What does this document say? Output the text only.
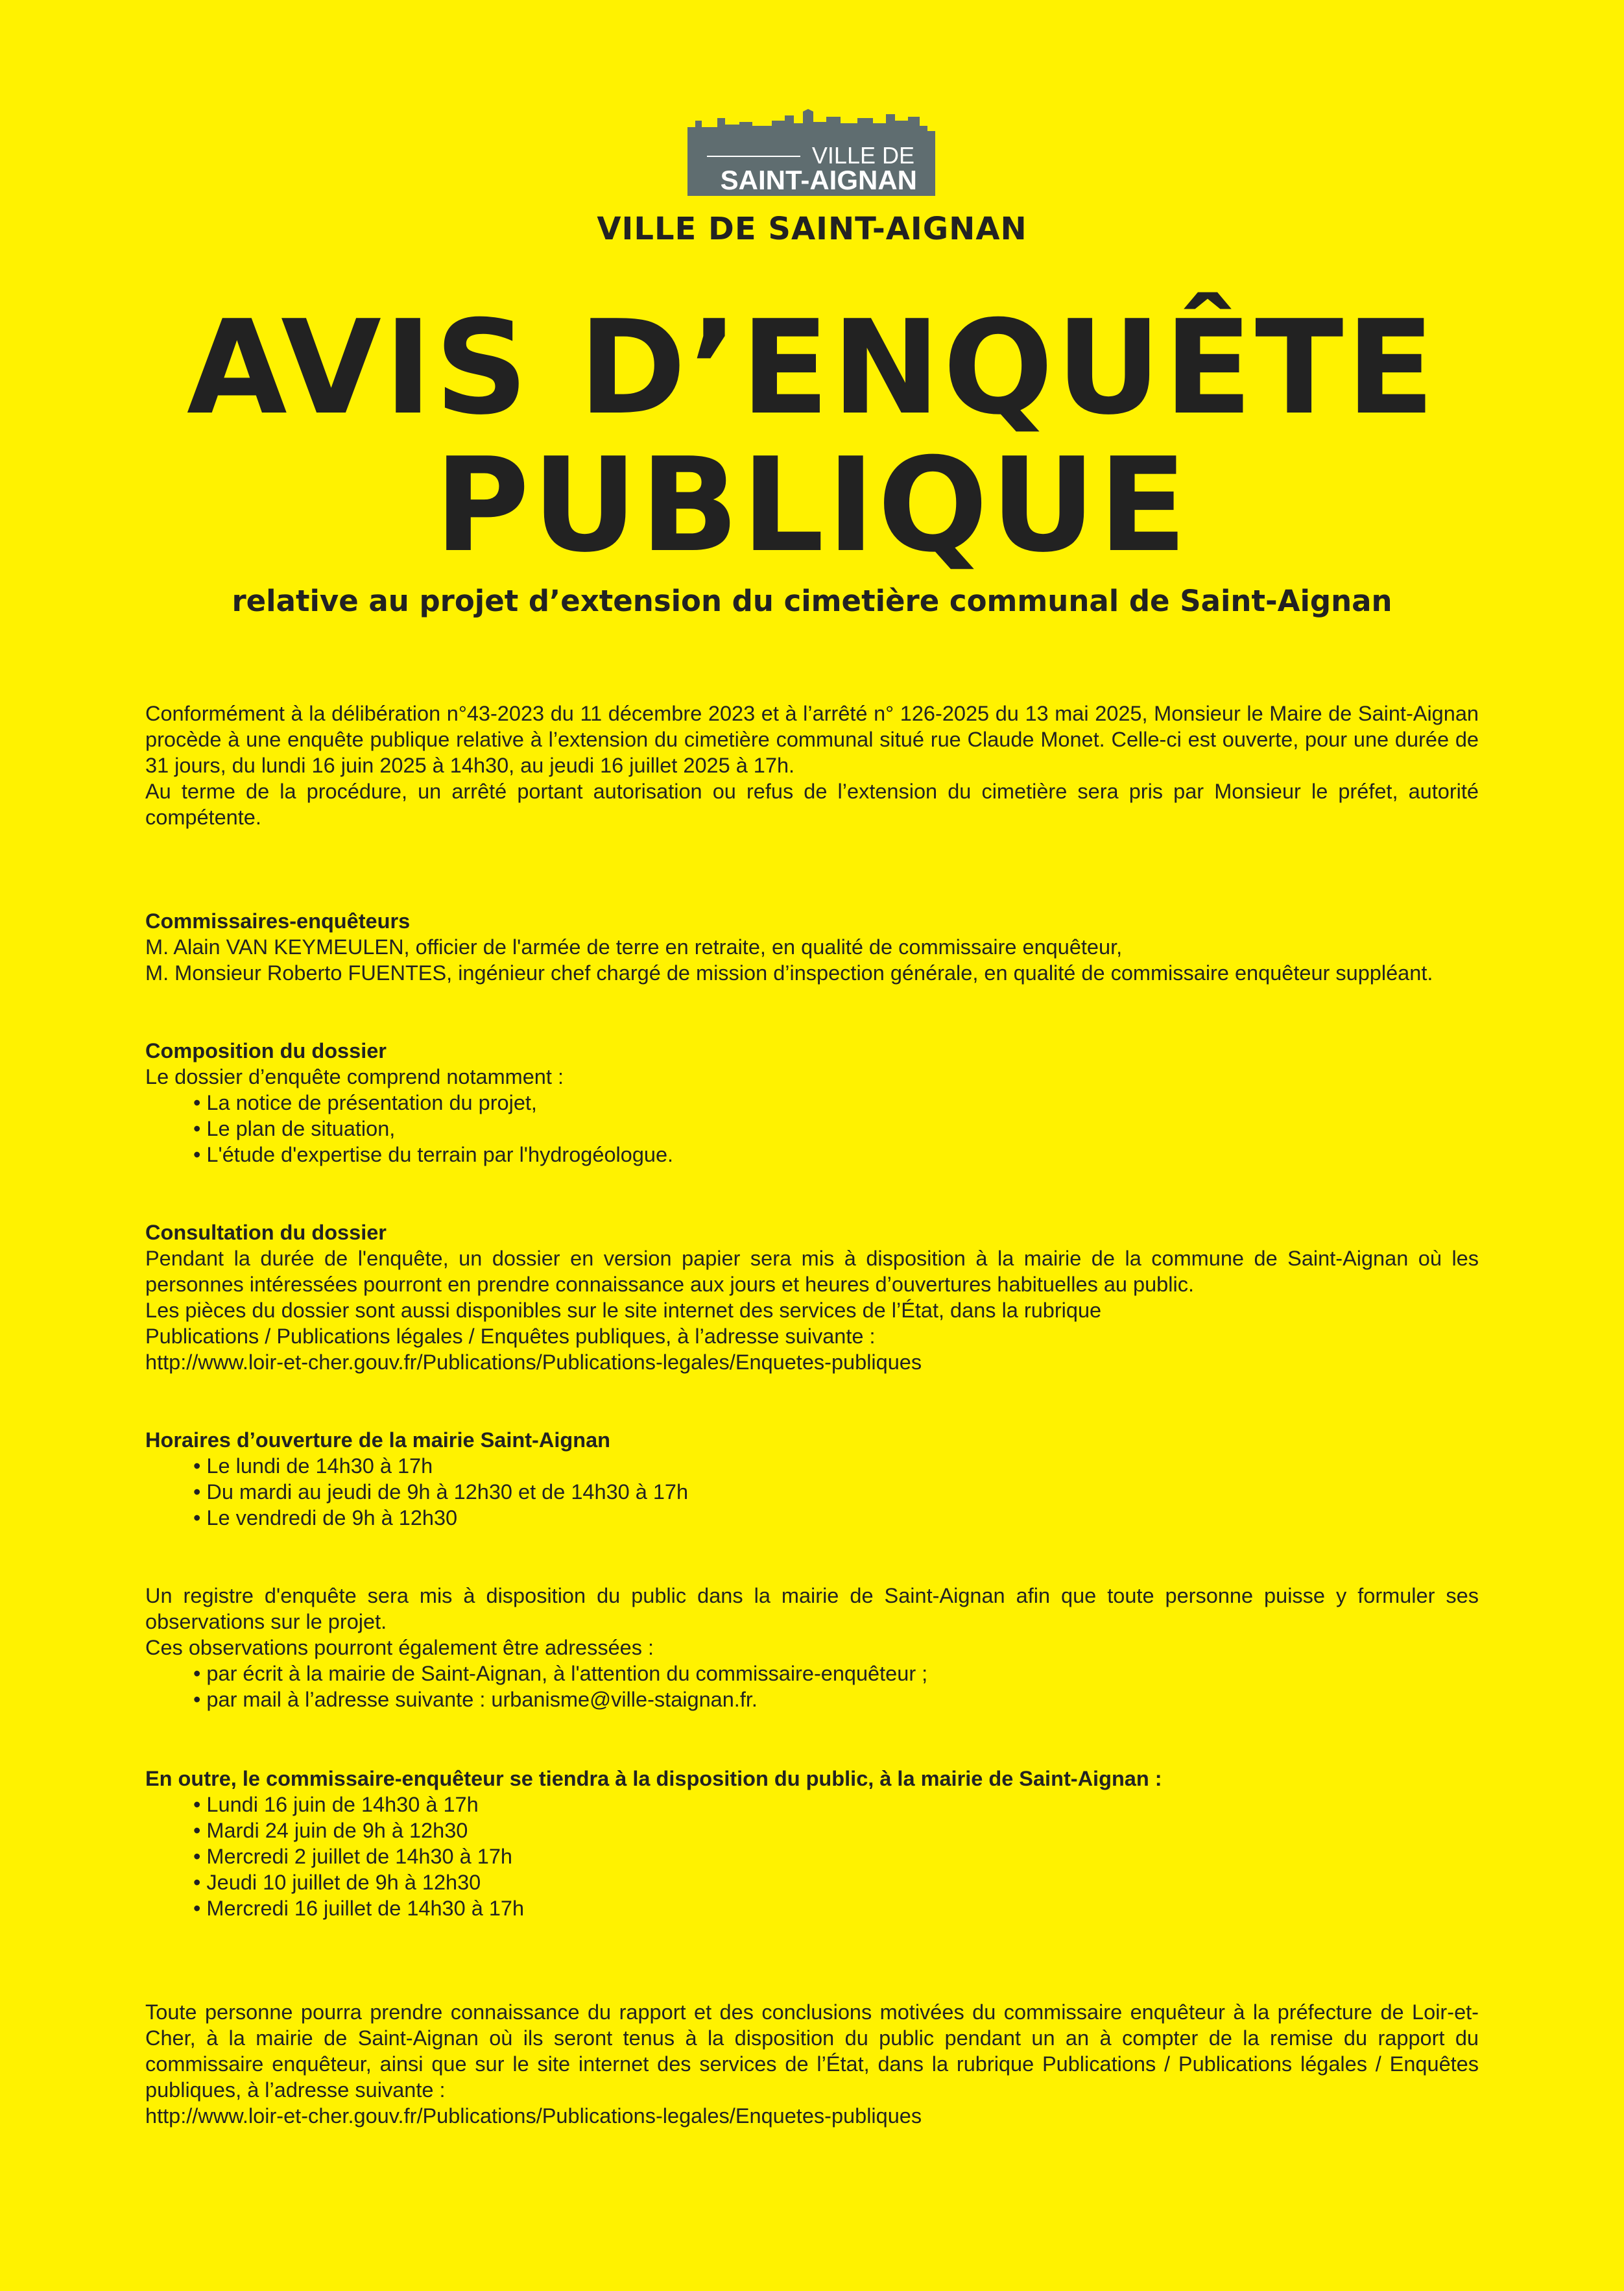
VILLE DE
SAINT-AIGNAN
VILLE DE SAINT-AIGNAN
AVIS D’ENQUÊTE
PUBLIQUE
relative au projet d’extension du cimetière communal de Saint-Aignan

Conformément à la délibération n°43-2023 du 11 décembre 2023 et à l’arrêté n° 126-2025 du 13 mai 2025, Monsieur le Maire de Saint-Aignan procède à une enquête publique relative à l’extension du cimetière communal situé rue Claude Monet. Celle-ci est ouverte, pour une durée de 31 jours, du lundi 16 juin 2025 à 14h30, au jeudi 16 juillet 2025 à 17h.

Au terme de la procédure, un arrêté portant autorisation ou refus de l’extension du cimetière sera pris par Monsieur le préfet, autorité compétente.

Commissaires-enquêteurs

M. Alain VAN KEYMEULEN, officier de l'armée de terre en retraite, en qualité de commissaire enquêteur,

M. Monsieur Roberto FUENTES, ingénieur chef chargé de mission d’inspection générale, en qualité de commissaire enquêteur suppléant.

Composition du dossier

Le dossier d’enquête comprend notamment :

• La notice de présentation du projet,
• Le plan de situation,
• L'étude d'expertise du terrain par l'hydrogéologue.

Consultation du dossier

Pendant la durée de l'enquête, un dossier en version papier sera mis à disposition à la mairie de la commune de Saint-Aignan où les personnes intéressées pourront en prendre connaissance aux jours et heures d’ouvertures habituelles au public.

Les pièces du dossier sont aussi disponibles sur le site internet des services de l’État, dans la rubrique

Publications / Publications légales / Enquêtes publiques, à l’adresse suivante :

http://www.loir-et-cher.gouv.fr/Publications/Publications-legales/Enquetes-publiques

Horaires d’ouverture de la mairie Saint-Aignan

• Le lundi de 14h30 à 17h
• Du mardi au jeudi de 9h à 12h30 et de 14h30 à 17h
• Le vendredi de 9h à 12h30

Un registre d'enquête sera mis à disposition du public dans la mairie de Saint-Aignan afin que toute personne puisse y formuler ses observations sur le projet.

Ces observations pourront également être adressées :

• par écrit à la mairie de Saint-Aignan, à l'attention du commissaire-enquêteur ;
• par mail à l’adresse suivante : urbanisme@ville-staignan.fr.

En outre, le commissaire-enquêteur se tiendra à la disposition du public, à la mairie de Saint-Aignan :

• Lundi 16 juin de 14h30 à 17h
• Mardi 24 juin de 9h à 12h30
• Mercredi 2 juillet de 14h30 à 17h
• Jeudi 10 juillet de 9h à 12h30
• Mercredi 16 juillet de 14h30 à 17h

Toute personne pourra prendre connaissance du rapport et des conclusions motivées du commissaire enquêteur à la préfecture de Loir-et-Cher, à la mairie de Saint-Aignan où ils seront tenus à la disposition du public pendant un an à compter de la remise du rapport du commissaire enquêteur, ainsi que sur le site internet des services de l’État, dans la rubrique Publications / Publications légales / Enquêtes publiques, à l’adresse suivante :

http://www.loir-et-cher.gouv.fr/Publications/Publications-legales/Enquetes-publiques
